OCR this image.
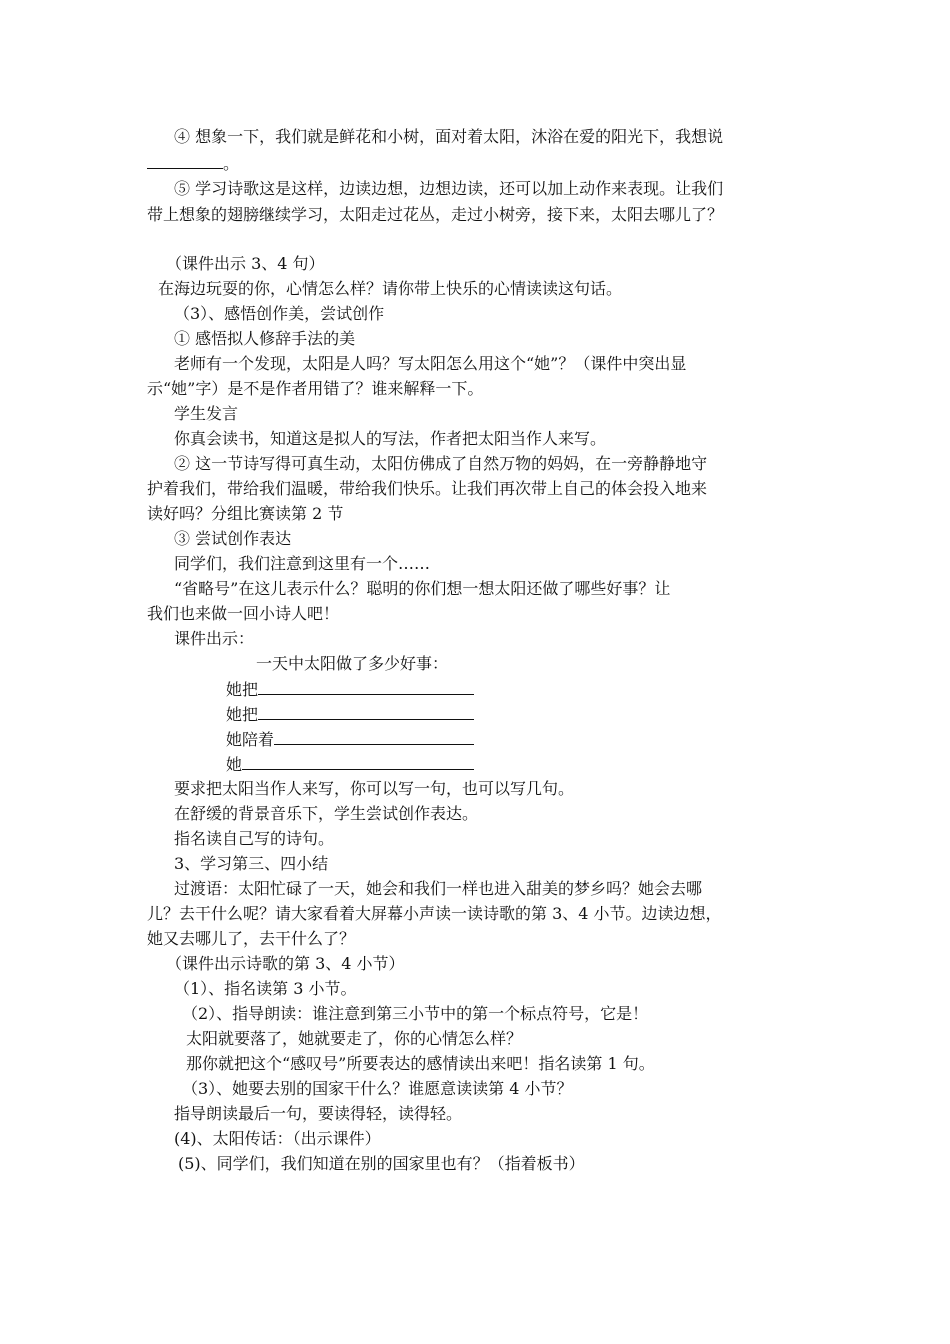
④ 想象一下，我们就是鲜花和小树，面对着太阳，沐浴在爱的阳光下，我想说

。

⑤ 学习诗歌这是这样，边读边想，边想边读，还可以加上动作来表现。让我们

带上想象的翅膀继续学习，太阳走过花丛，走过小树旁，接下来，太阳去哪儿了？

（课件出示 3、4 句）

在海边玩耍的你，心情怎么样？请你带上快乐的心情读读这句话。

（3）、感悟创作美，尝试创作

① 感悟拟人修辞手法的美

老师有一个发现，太阳是人吗？写太阳怎么用这个“她”？（课件中突出显

示“她”字）是不是作者用错了？谁来解释一下。

学生发言

你真会读书，知道这是拟人的写法，作者把太阳当作人来写。

② 这一节诗写得可真生动，太阳仿佛成了自然万物的妈妈，在一旁静静地守

护着我们，带给我们温暖，带给我们快乐。让我们再次带上自己的体会投入地来

读好吗？分组比赛读第 2 节

③ 尝试创作表达

同学们，我们注意到这里有一个……

“省略号”在这儿表示什么？聪明的你们想一想太阳还做了哪些好事？让

我们也来做一回小诗人吧！

课件出示：

一天中太阳做了多少好事：

她把

她把

她陪着

她

要求把太阳当作人来写，你可以写一句，也可以写几句。

在舒缓的背景音乐下，学生尝试创作表达。

指名读自己写的诗句。

3、学习第三、四小结

过渡语：太阳忙碌了一天，她会和我们一样也进入甜美的梦乡吗？她会去哪

儿？去干什么呢？请大家看着大屏幕小声读一读诗歌的第 3、4 小节。边读边想，

她又去哪儿了，去干什么了？

（课件出示诗歌的第 3、4 小节）

（1）、指名读第 3 小节。

（2）、指导朗读：谁注意到第三小节中的第一个标点符号，它是！

太阳就要落了，她就要走了，你的心情怎么样？

那你就把这个“感叹号”所要表达的感情读出来吧！指名读第 1 句。

（3）、她要去别的国家干什么？谁愿意读读第 4 小节？

指导朗读最后一句，要读得轻，读得轻。

(4)、太阳传话：（出示课件）

(5)、同学们，我们知道在别的国家里也有？（指着板书）
